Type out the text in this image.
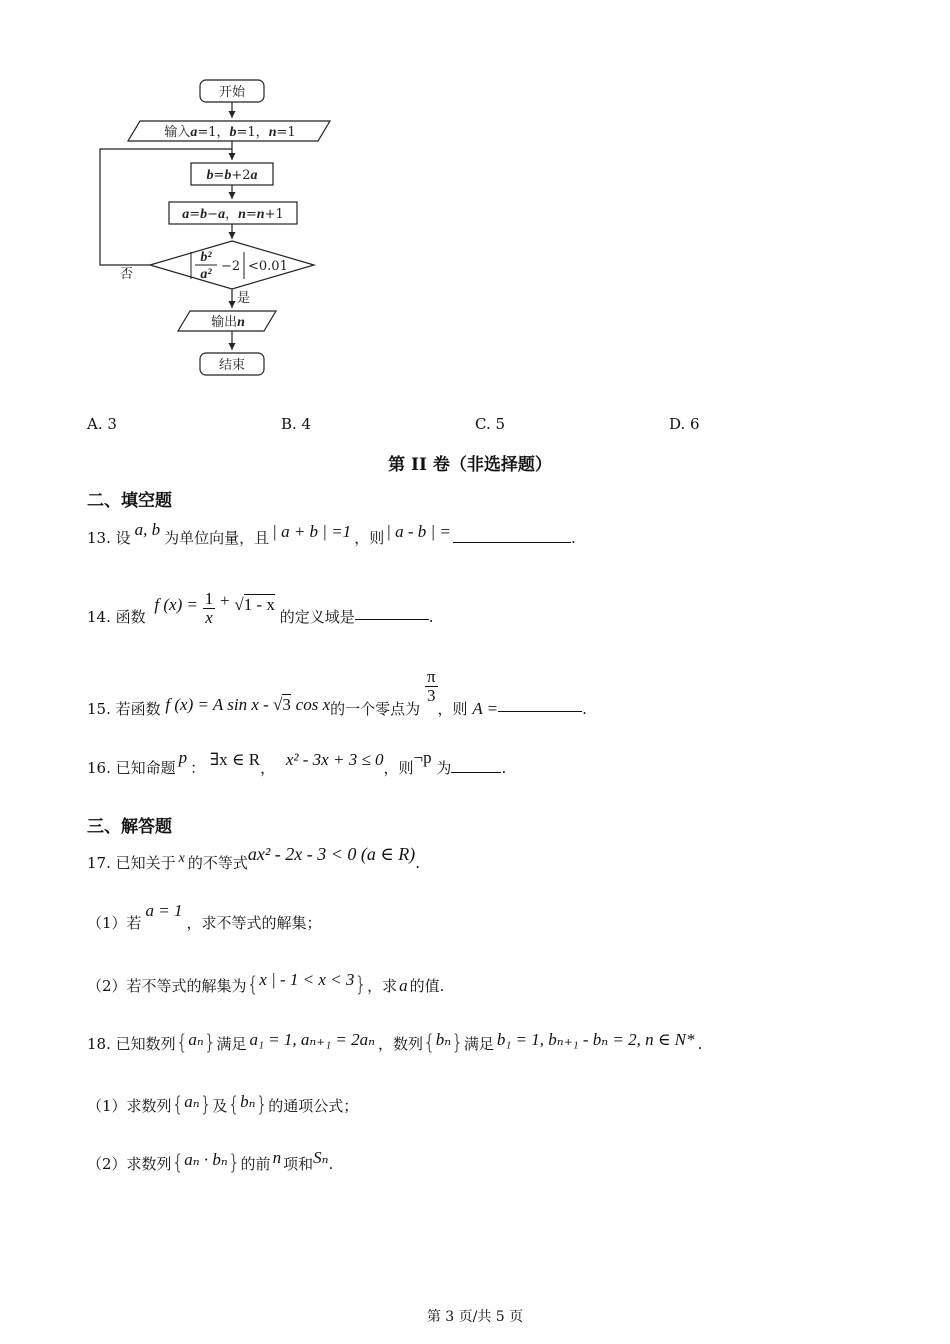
开始
输入a=1，b=1，n=1
b=b+2a
a=b−a，n=n+1
b²
a²
−2 <0.01
否
是
输出n
结束
A. 3	B. 4	C. 5	D. 6
第 II 卷（非选择题）
二、填空题
13. 设 a, b 为单位向量，且 | a + b | =1 ，则 | a - b | =	.
14. 函数 f $(x) = \frac{1}{x} + √1 - x$ 的定义域是	.
15. 若函数 f (x) = A sin x - √3 cos x的一个零点为
$\frac{\pi}{3}$
，则 A =	.
16. 已知命题p： ∃x ∈ R， x² - 3x + 3 ≤ 0，则¬p 为	.
三、解答题
17. 已知关于 x 的不等式ax² - 2x - 3 < 0 (a ∈ R).
（1）若a = 1，求不等式的解集；
（2）若不等式的解集为{x | - 1 < x < 3}，求 a 的值.
18. 已知数列{aₙ}满足 a₁ = 1, aₙ₊₁ = 2aₙ ，数列{bₙ}满足 b₁ = 1, bₙ₊₁ - bₙ = 2, n ∈ N* .
（1）求数列{aₙ}及{bₙ}的通项公式；
（2）求数列{aₙ · bₙ}的前 n 项和Sₙ.
第 3 页/共 5 页
